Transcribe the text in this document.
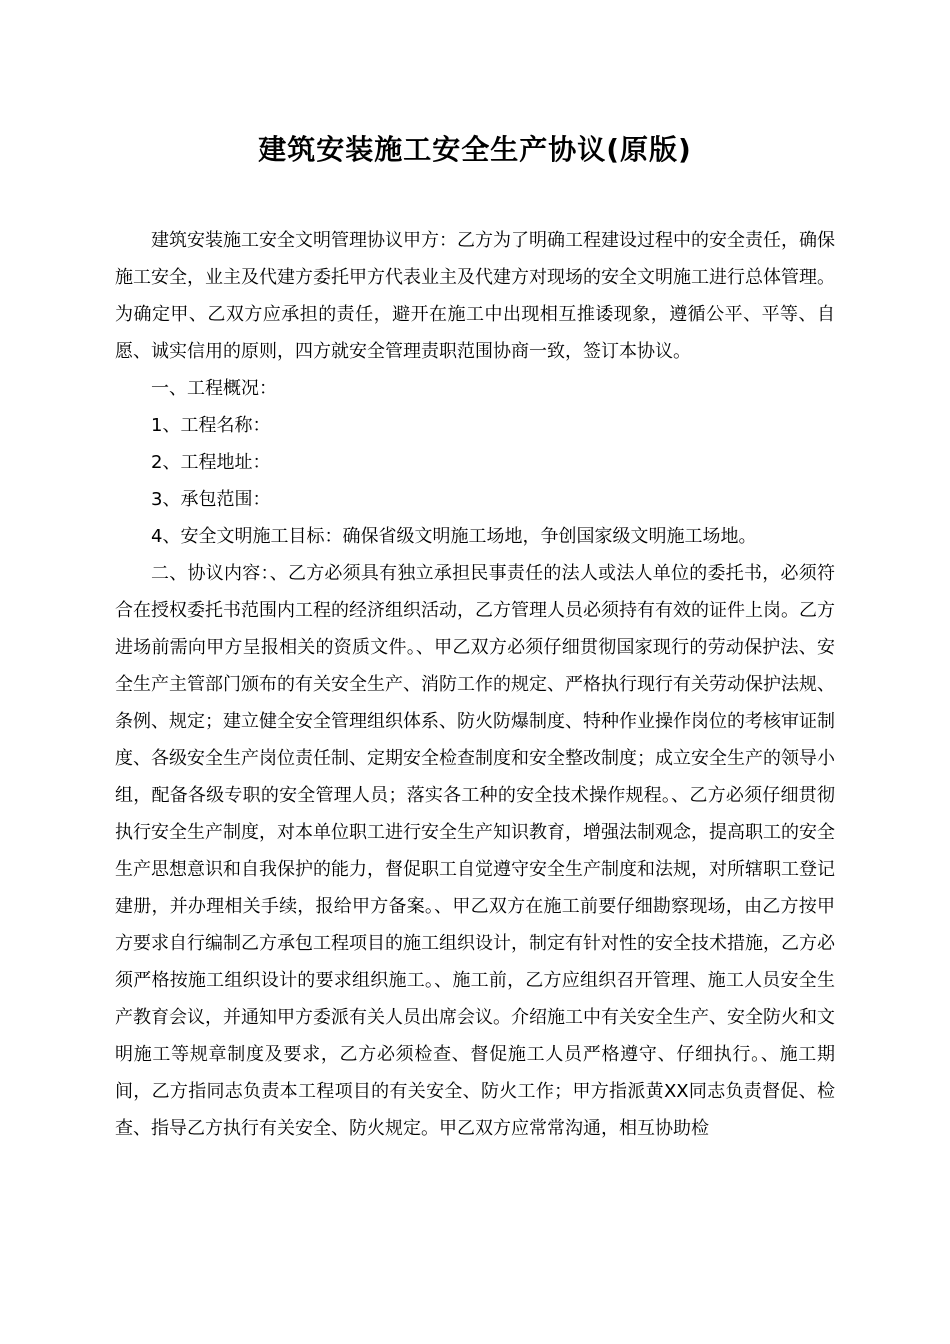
建筑安装施工安全生产协议(原版)

建筑安装施工安全文明管理协议甲方：乙方为了明确工程建设过程中的安全责任，确保施工安全，业主及代建方委托甲方代表业主及代建方对现场的安全文明施工进行总体管理。为确定甲、乙双方应承担的责任，避开在施工中出现相互推诿现象，遵循公平、平等、自愿、诚实信用的原则，四方就安全管理责职范围协商一致，签订本协议。

一、工程概况：

1、工程名称：

2、工程地址：

3、承包范围：

4、安全文明施工目标：确保省级文明施工场地，争创国家级文明施工场地。

二、协议内容：、乙方必须具有独立承担民事责任的法人或法人单位的委托书，必须符合在授权委托书范围内工程的经济组织活动，乙方管理人员必须持有有效的证件上岗。乙方进场前需向甲方呈报相关的资质文件。、甲乙双方必须仔细贯彻国家现行的劳动保护法、安全生产主管部门颁布的有关安全生产、消防工作的规定、严格执行现行有关劳动保护法规、条例、规定；建立健全安全管理组织体系、防火防爆制度、特种作业操作岗位的考核审证制度、各级安全生产岗位责任制、定期安全检查制度和安全整改制度；成立安全生产的领导小组，配备各级专职的安全管理人员；落实各工种的安全技术操作规程。、乙方必须仔细贯彻执行安全生产制度，对本单位职工进行安全生产知识教育，增强法制观念，提高职工的安全生产思想意识和自我保护的能力，督促职工自觉遵守安全生产制度和法规，对所辖职工登记建册，并办理相关手续，报给甲方备案。、甲乙双方在施工前要仔细勘察现场，由乙方按甲方要求自行编制乙方承包工程项目的施工组织设计，制定有针对性的安全技术措施，乙方必须严格按施工组织设计的要求组织施工。、施工前，乙方应组织召开管理、施工人员安全生产教育会议，并通知甲方委派有关人员出席会议。介绍施工中有关安全生产、安全防火和文明施工等规章制度及要求，乙方必须检查、督促施工人员严格遵守、仔细执行。、施工期间，乙方指同志负责本工程项目的有关安全、防火工作；甲方指派黄XX同志负责督促、检查、指导乙方执行有关安全、防火规定。甲乙双方应常常沟通，相互协助检
